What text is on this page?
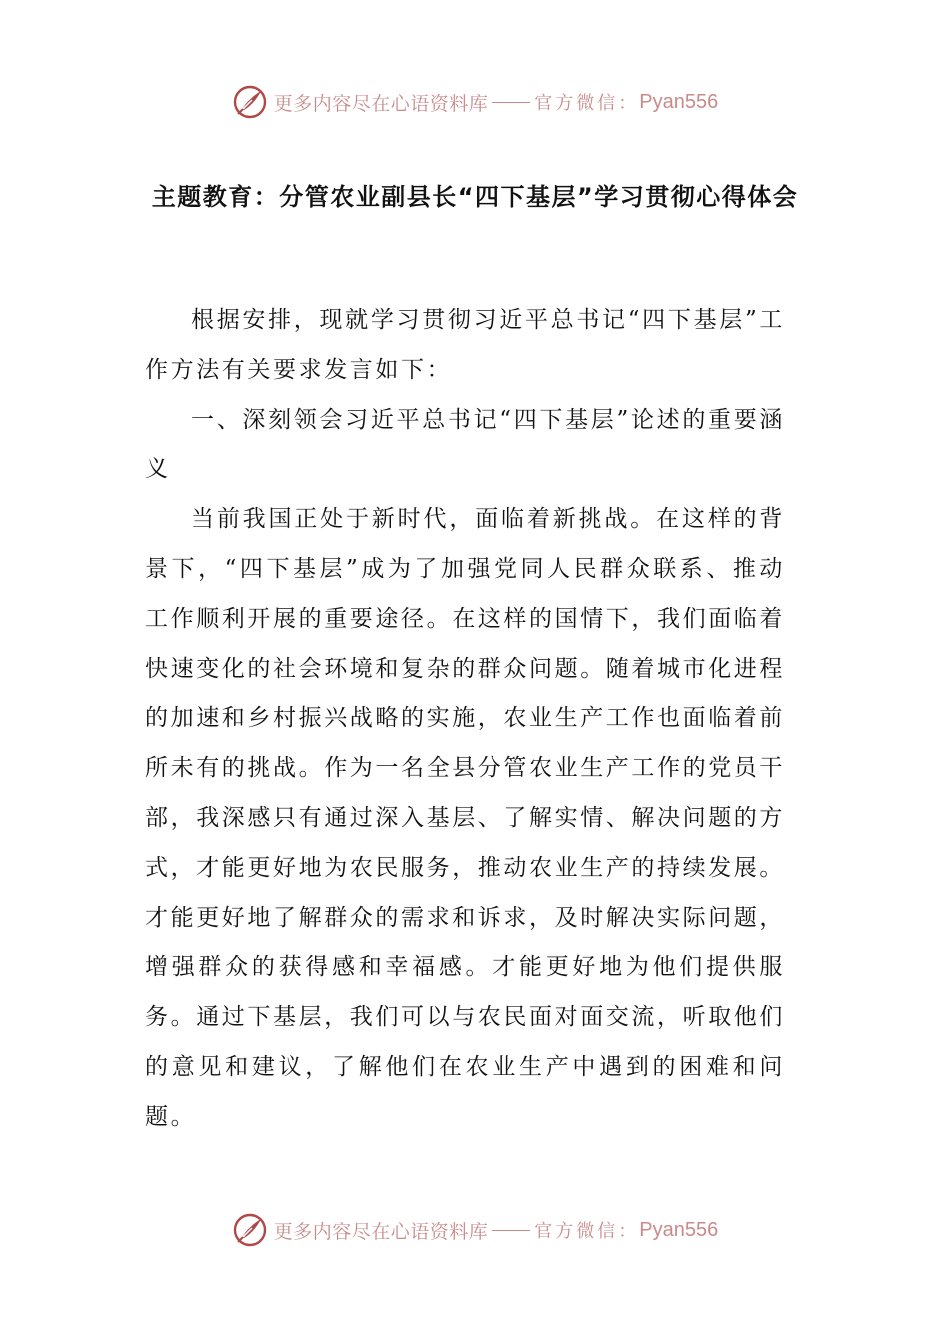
更多内容尽在心语资料库	官方微信： Pyan556
主题教育：分管农业副县长“四下基层”学习贯彻心得体会

根据安排，现就学习贯彻习近平总书记“四下基层”工作方法有关要求发言如下：

一、深刻领会习近平总书记“四下基层”论述的重要涵义

当前我国正处于新时代，面临着新挑战。在这样的背景下，“四下基层”成为了加强党同人民群众联系、推动工作顺利开展的重要途径。在这样的国情下，我们面临着快速变化的社会环境和复杂的群众问题。随着城市化进程的加速和乡村振兴战略的实施，农业生产工作也面临着前所未有的挑战。作为一名全县分管农业生产工作的党员干部，我深感只有通过深入基层、了解实情、解决问题的方式，才能更好地为农民服务，推动农业生产的持续发展。才能更好地了解群众的需求和诉求，及时解决实际问题，增强群众的获得感和幸福感。才能更好地为他们提供服务。通过下基层，我们可以与农民面对面交流，听取他们的意见和建议，了解他们在农业生产中遇到的困难和问题。

更多内容尽在心语资料库	官方微信： Pyan556
